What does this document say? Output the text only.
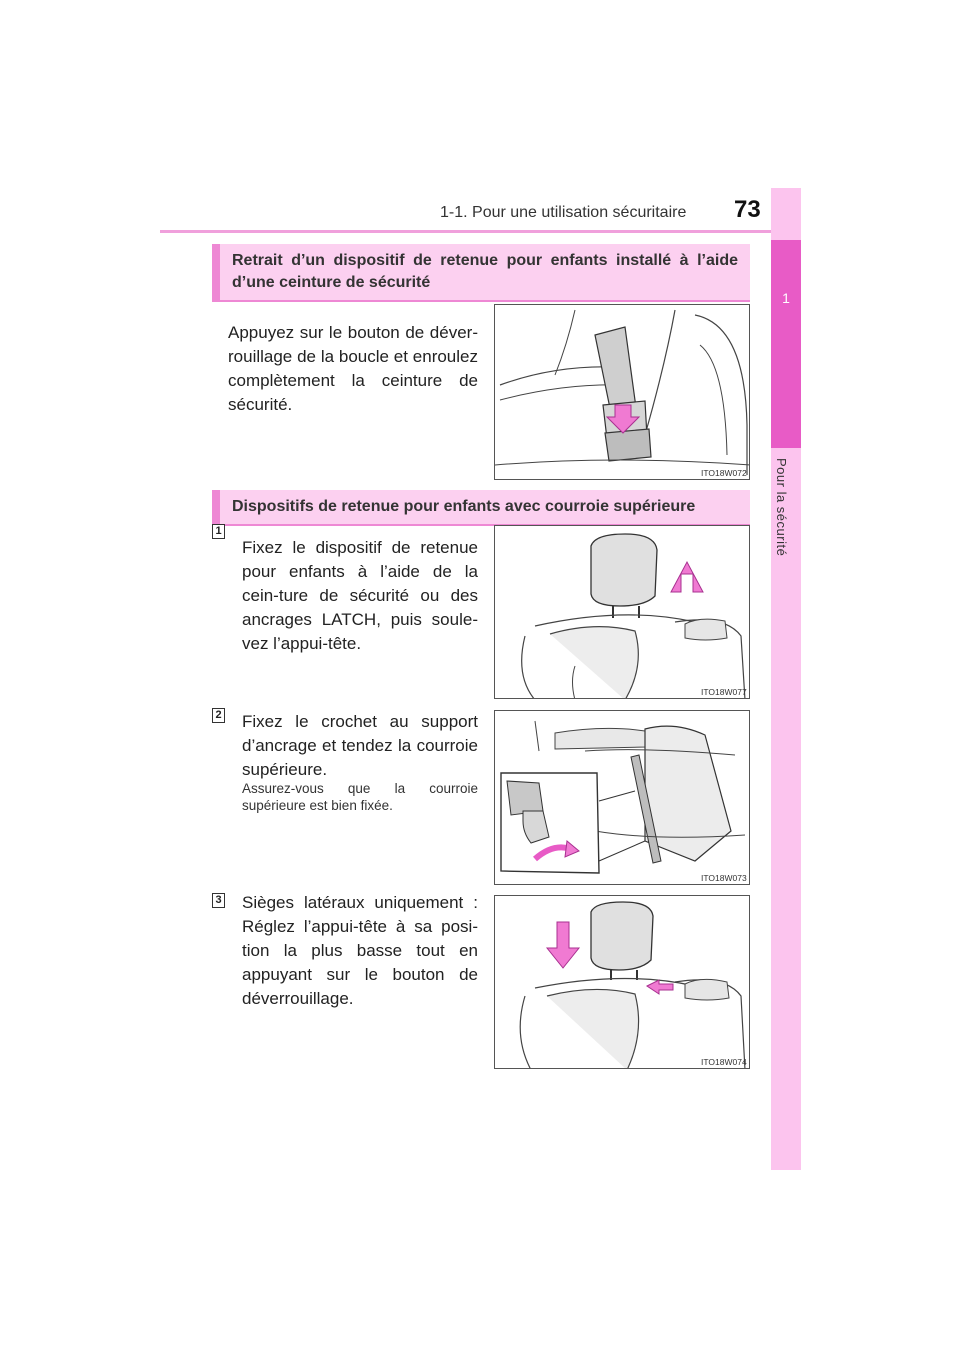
1-1. Pour une utilisation sécuritaire 73
1
Pour la sécurité
Retrait d’un dispositif de retenue pour enfants installé à l’aide d’une ceinture de sécurité
Appuyez sur le bouton de déver-rouillage de la boucle et enroulez complètement la ceinture de sécurité.
ITO18W072
Dispositifs de retenue pour enfants avec courroie supérieure
1
Fixez le dispositif de retenue pour enfants à l’aide de la cein-ture de sécurité ou des ancrages LATCH, puis soule-vez l’appui-tête.
ITO18W077
2 Fixez le crochet au support d’ancrage et tendez la courroie supérieure.
Assurez-vous que la courroie supérieure est bien fixée.
ITO18W073
3 Sièges latéraux uniquement : Réglez l’appui-tête à sa posi-tion la plus basse tout en appuyant sur le bouton de déverrouillage.
ITO18W074
